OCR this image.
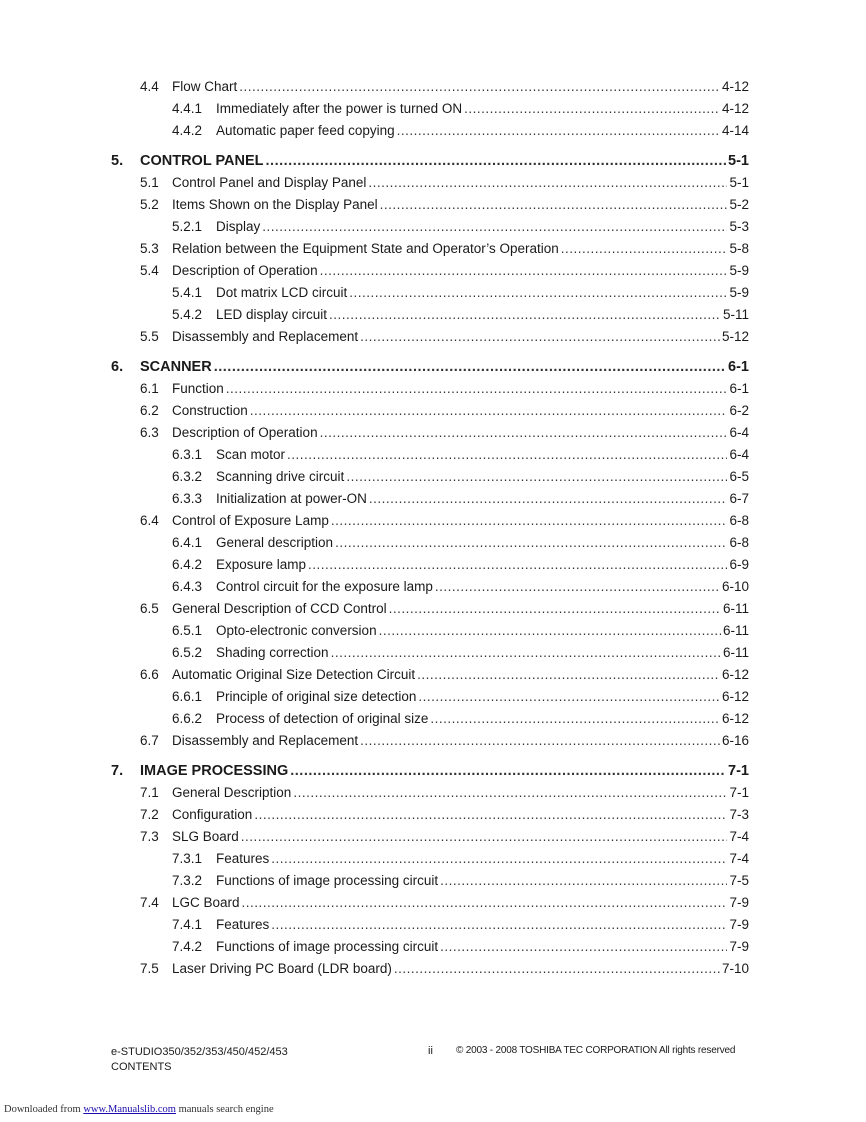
4.4 Flow Chart .....	4-12
4.4.1	Immediately after the power is turned ON .....	4-12
4.4.2	Automatic paper feed copying .....	4-14
5.	CONTROL PANEL .....	5-1
5.1 Control Panel and Display Panel .....	5-1
5.2 Items Shown on the Display Panel .....	5-2
5.2.1	Display .....	5-3
5.3 Relation between the Equipment State and Operator’s Operation .....	5-8
5.4 Description of Operation .....	5-9
5.4.1	Dot matrix LCD circuit .....	5-9
5.4.2	LED display circuit .....	5-11
5.5 Disassembly and Replacement .....	5-12
6.	SCANNER .....	6-1
6.1 Function .....	6-1
6.2 Construction .....	6-2
6.3 Description of Operation .....	6-4
6.3.1	Scan motor .....	6-4
6.3.2	Scanning drive circuit .....	6-5
6.3.3	Initialization at power-ON .....	6-7
6.4 Control of Exposure Lamp .....	6-8
6.4.1	General description .....	6-8
6.4.2	Exposure lamp .....	6-9
6.4.3	Control circuit for the exposure lamp .....	6-10
6.5 General Description of CCD Control .....	6-11
6.5.1	Opto-electronic conversion .....	6-11
6.5.2	Shading correction .....	6-11
6.6 Automatic Original Size Detection Circuit .....	6-12
6.6.1	Principle of original size detection .....	6-12
6.6.2	Process of detection of original size .....	6-12
6.7 Disassembly and Replacement .....	6-16
7.	IMAGE PROCESSING .....	7-1
7.1 General Description .....	7-1
7.2 Configuration .....	7-3
7.3 SLG Board .....	7-4
7.3.1	Features .....	7-4
7.3.2	Functions of image processing circuit .....	7-5
7.4 LGC Board .....	7-9
7.4.1	Features .....	7-9
7.4.2	Functions of image processing circuit .....	7-9
7.5 Laser Driving PC Board (LDR board) .....	7-10
e-STUDIO350/352/353/450/452/453
CONTENTS
ii © 2003 - 2008 TOSHIBA TEC CORPORATION All rights reserved
Downloaded from www.Manualslib.com manuals search engine
